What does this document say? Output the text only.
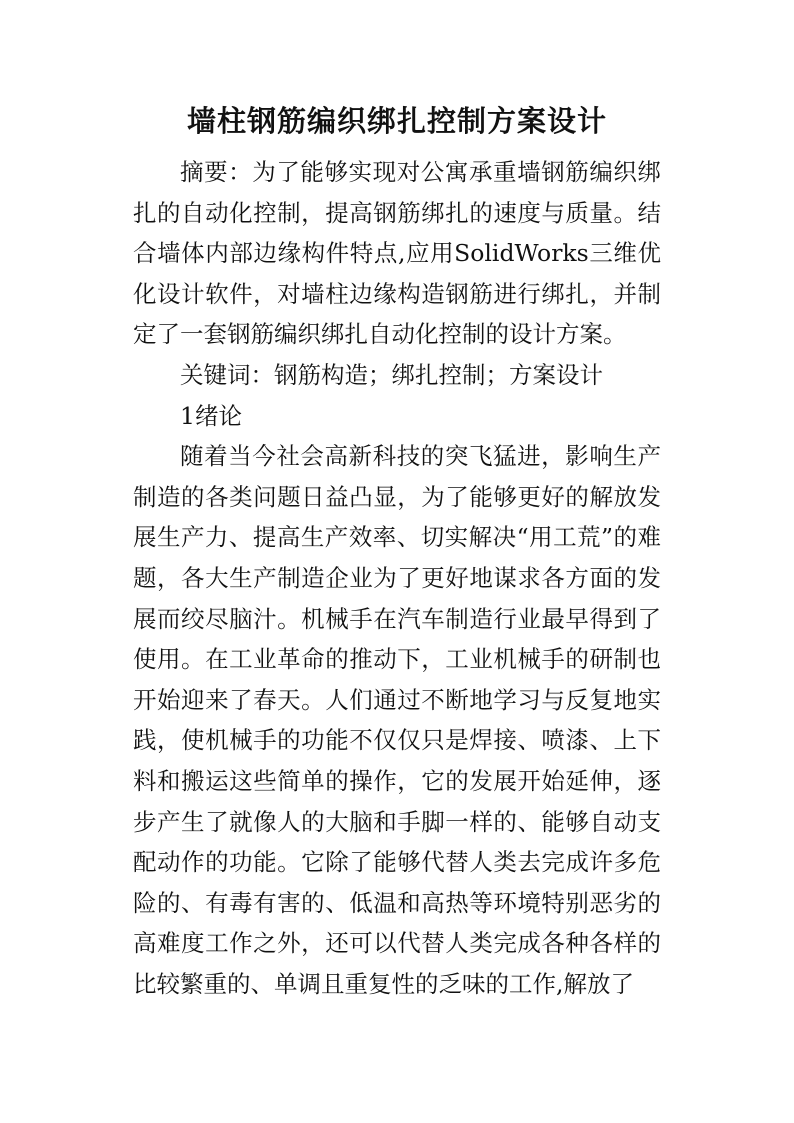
墙柱钢筋编织绑扎控制方案设计

摘要：为了能够实现对公寓承重墙钢筋编织绑扎的自动化控制，提高钢筋绑扎的速度与质量。结合墙体内部边缘构件特点,应用SolidWorks三维优化设计软件，对墙柱边缘构造钢筋进行绑扎，并制定了一套钢筋编织绑扎自动化控制的设计方案。

关键词：钢筋构造；绑扎控制；方案设计

1绪论

随着当今社会高新科技的突飞猛进，影响生产制造的各类问题日益凸显，为了能够更好的解放发展生产力、提高生产效率、切实解决“用工荒”的难题，各大生产制造企业为了更好地谋求各方面的发展而绞尽脑汁。机械手在汽车制造行业最早得到了使用。在工业革命的推动下，工业机械手的研制也开始迎来了春天。人们通过不断地学习与反复地实践，使机械手的功能不仅仅只是焊接、喷漆、上下料和搬运这些简单的操作，它的发展开始延伸，逐步产生了就像人的大脑和手脚一样的、能够自动支配动作的功能。它除了能够代替人类去完成许多危险的、有毒有害的、低温和高热等环境特别恶劣的高难度工作之外，还可以代替人类完成各种各样的比较繁重的、单调且重复性的乏味的工作,解放了
